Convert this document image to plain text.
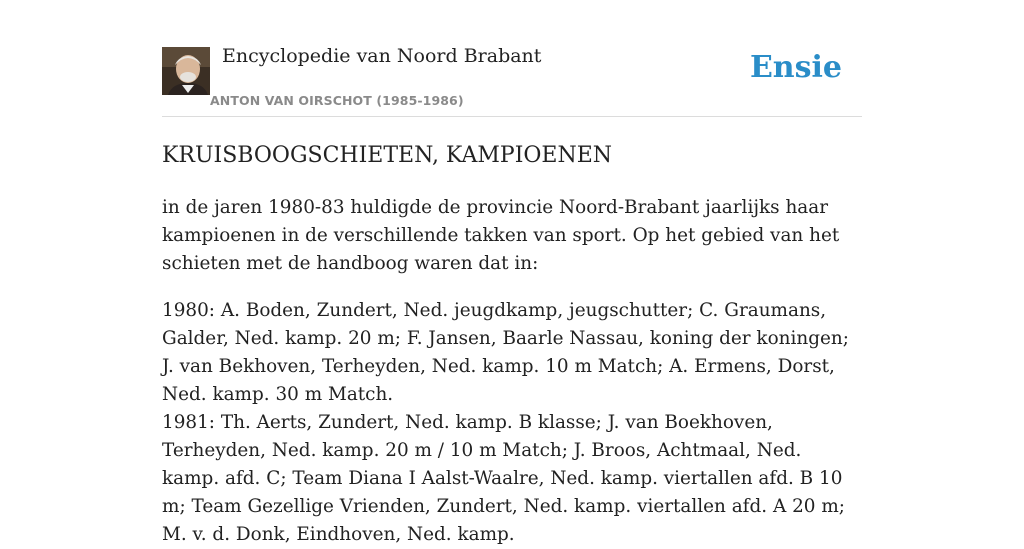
Encyclopedie van Noord Brabant
ANTON VAN OIRSCHOT (1985-1986)
Ensie
KRUISBOOGSCHIETEN, KAMPIOENEN

in de jaren 1980-83 huldigde de provincie Noord-Brabant jaarlijks haar kampioenen in de verschillende takken van sport. Op het gebied van het schieten met de handboog waren dat in:

1980: A. Boden, Zundert, Ned. jeugdkamp, jeugschutter; C. Graumans, Galder, Ned. kamp. 20 m; F. Jansen, Baarle Nassau, koning der koningen; J. van Bekhoven, Terheyden, Ned. kamp. 10 m Match; A. Ermens, Dorst, Ned. kamp. 30 m Match.
1981: Th. Aerts, Zundert, Ned. kamp. B klasse; J. van Boekhoven, Terheyden, Ned. kamp. 20 m / 10 m Match; J. Broos, Achtmaal, Ned. kamp. afd. C; Team Diana I Aalst-Waalre, Ned. kamp. viertallen afd. B 10 m; Team Gezellige Vrienden, Zundert, Ned. kamp. viertallen afd. A 20 m; M. v. d. Donk, Eindhoven, Ned. kamp.
